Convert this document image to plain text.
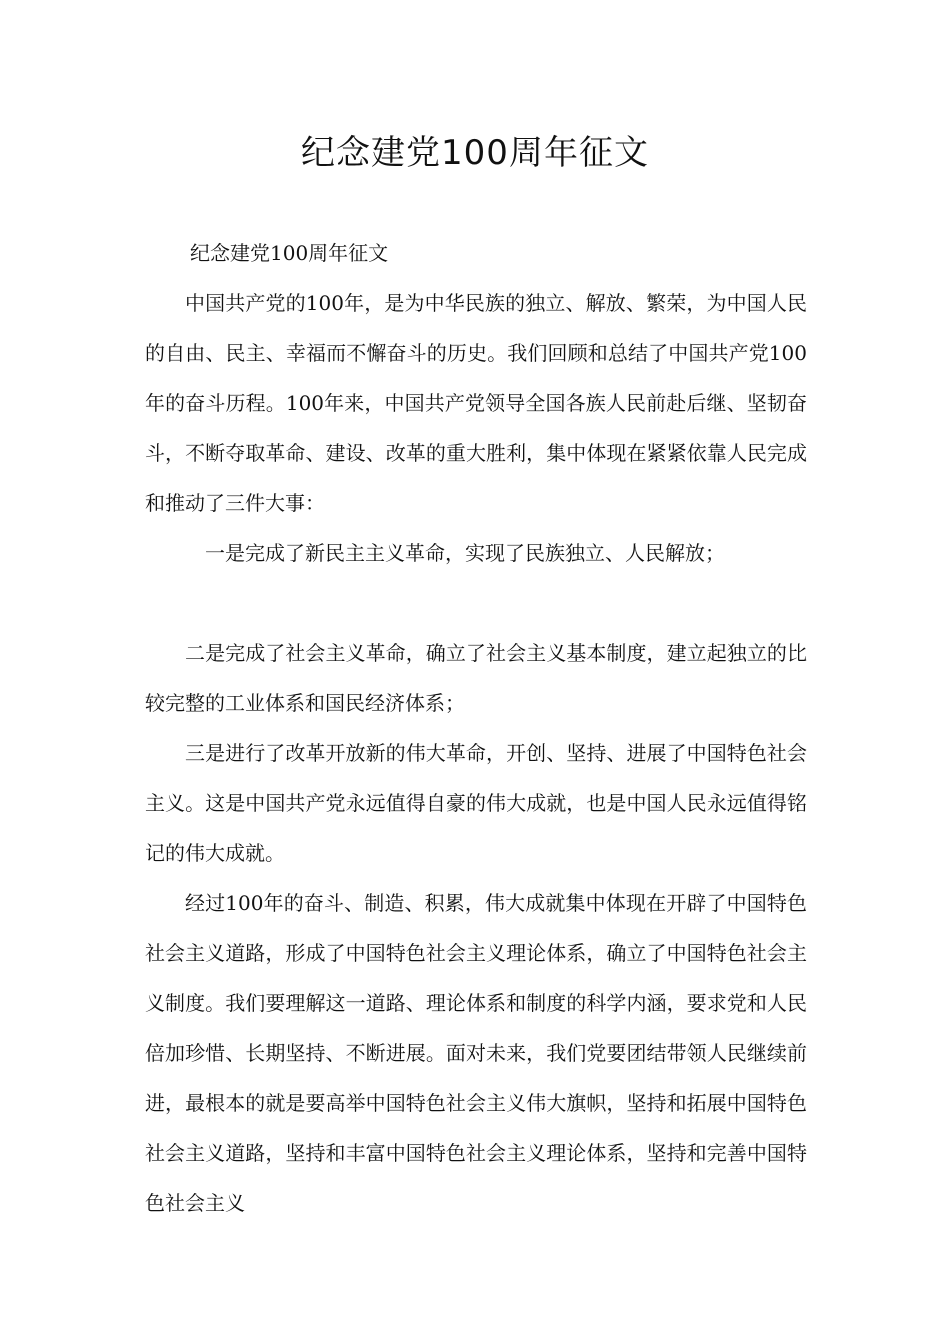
纪念建党100周年征文

纪念建党100周年征文

中国共产党的100年，是为中华民族的独立、解放、繁荣，为中国人民的自由、民主、幸福而不懈奋斗的历史。我们回顾和总结了中国共产党100年的奋斗历程。100年来，中国共产党领导全国各族人民前赴后继、坚韧奋斗，不断夺取革命、建设、改革的重大胜利，集中体现在紧紧依靠人民完成和推动了三件大事：

一是完成了新民主主义革命，实现了民族独立、人民解放；

二是完成了社会主义革命，确立了社会主义基本制度，建立起独立的比较完整的工业体系和国民经济体系；

三是进行了改革开放新的伟大革命，开创、坚持、进展了中国特色社会主义。这是中国共产党永远值得自豪的伟大成就，也是中国人民永远值得铭记的伟大成就。

经过100年的奋斗、制造、积累，伟大成就集中体现在开辟了中国特色社会主义道路，形成了中国特色社会主义理论体系，确立了中国特色社会主义制度。我们要理解这一道路、理论体系和制度的科学内涵，要求党和人民倍加珍惜、长期坚持、不断进展。面对未来，我们党要团结带领人民继续前进，最根本的就是要高举中国特色社会主义伟大旗帜，坚持和拓展中国特色社会主义道路，坚持和丰富中国特色社会主义理论体系，坚持和完善中国特色社会主义
